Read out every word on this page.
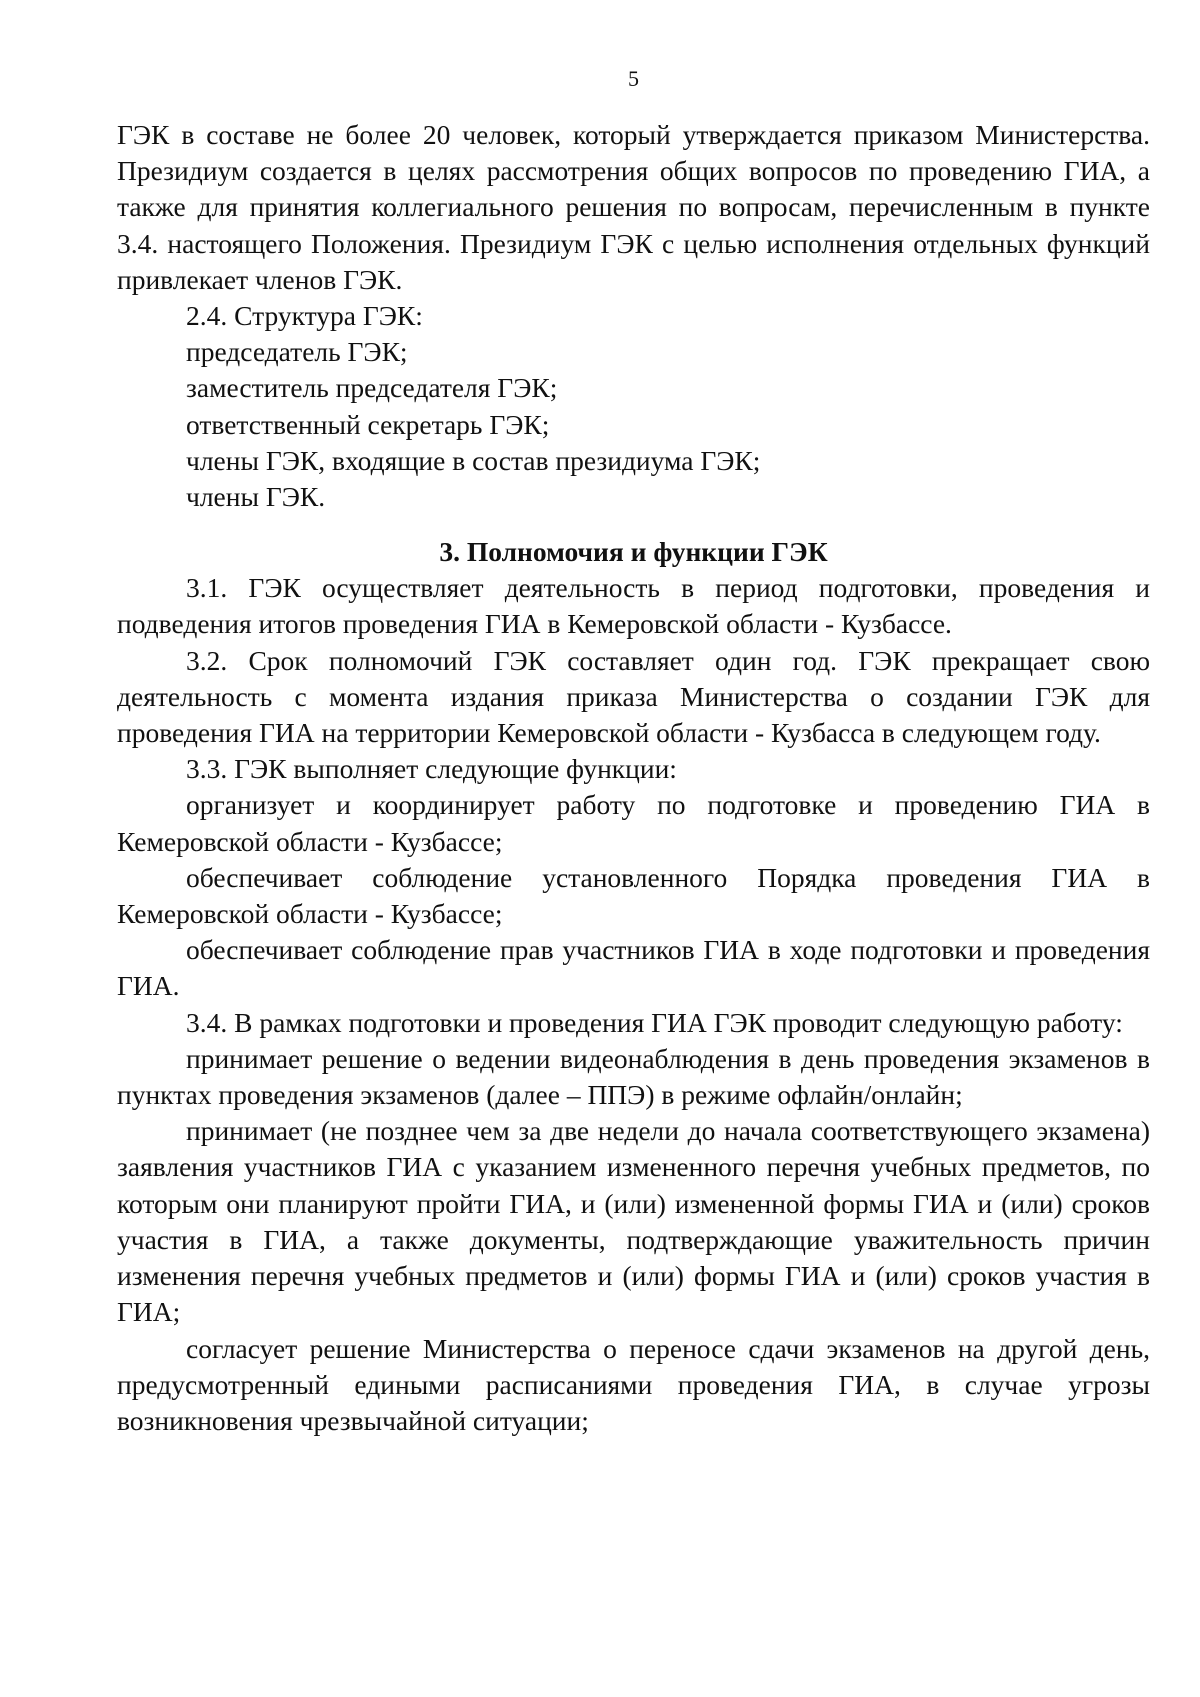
5

ГЭК в составе не более 20 человек, который утверждается приказом Министерства. Президиум создается в целях рассмотрения общих вопросов по проведению ГИА, а также для принятия коллегиального решения по вопросам, перечисленным в пункте 3.4. настоящего Положения. Президиум ГЭК с целью исполнения отдельных функций привлекает членов ГЭК.

2.4. Структура ГЭК:

председатель ГЭК;

заместитель председателя ГЭК;

ответственный секретарь ГЭК;

члены ГЭК, входящие в состав президиума ГЭК;

члены ГЭК.

3. Полномочия и функции ГЭК

3.1. ГЭК осуществляет деятельность в период подготовки, проведения и подведения итогов проведения ГИА в Кемеровской области - Кузбассе.

3.2. Срок полномочий ГЭК составляет один год. ГЭК прекращает свою деятельность с момента издания приказа Министерства о создании ГЭК для проведения ГИА на территории Кемеровской области - Кузбасса в следующем году.

3.3. ГЭК выполняет следующие функции:

организует и координирует работу по подготовке и проведению ГИА в Кемеровской области - Кузбассе;

обеспечивает соблюдение установленного Порядка проведения ГИА в Кемеровской области - Кузбассе;

обеспечивает соблюдение прав участников ГИА в ходе подготовки и проведения ГИА.

3.4. В рамках подготовки и проведения ГИА ГЭК проводит следующую работу:

принимает решение о ведении видеонаблюдения в день проведения экзаменов в пунктах проведения экзаменов (далее – ППЭ) в режиме офлайн/онлайн;

принимает (не позднее чем за две недели до начала соответствующего экзамена) заявления участников ГИА с указанием измененного перечня учебных предметов, по которым они планируют пройти ГИА, и (или) измененной формы ГИА и (или) сроков участия в ГИА, а также документы, подтверждающие уважительность причин изменения перечня учебных предметов и (или) формы ГИА и (или) сроков участия в ГИА;

согласует решение Министерства о переносе сдачи экзаменов на другой день, предусмотренный едиными расписаниями проведения ГИА, в случае угрозы возникновения чрезвычайной ситуации;
